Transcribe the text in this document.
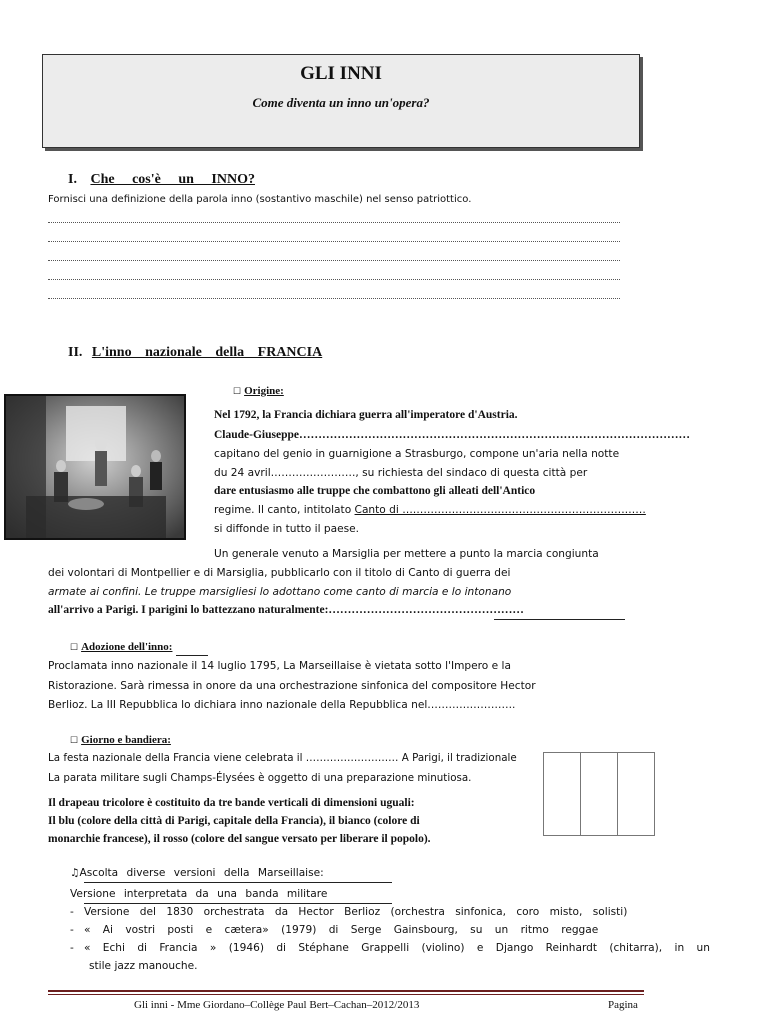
GLI INNI
Come diventa un inno un'opera?
I. Che cos'è un INNO?
Fornisci una definizione della parola inno (sostantivo maschile) nel senso patriottico.
II. L'inno nazionale della FRANCIA
☐ Origine:
Nel 1792, la Francia dichiara guerra all'imperatore d'Austria.
Claude-Giuseppe…………………………………………………………………………………………
capitano del genio in guarnigione a Strasburgo, compone un'aria nella notte
du 24 avril……………………, su richiesta del sindaco di questa città per
dare entusiasmo alle truppe che combattono gli alleati dell'Antico
regime. Il canto, intitolato Canto di ……………………………………………………………
si diffonde in tutto il paese.
Un generale venuto a Marsiglia per mettere a punto la marcia congiunta
dei volontari di Montpellier e di Marsiglia, pubblicarlo con il titolo di Canto di guerra dei
armate ai confini. Le truppe marsigliesi lo adottano come canto di marcia e lo intonano
all'arrivo a Parigi. I parigini lo battezzano naturalmente:……………………………………………
☐ Adozione dell'inno:
Proclamata inno nazionale il 14 luglio 1795, La Marseillaise è vietata sotto l'Impero e la
Ristorazione. Sarà rimessa in onore da una orchestrazione sinfonica del compositore Hector
Berlioz. La III Repubblica lo dichiara inno nazionale della Repubblica nel…………………….
☐ Giorno e bandiera:
La festa nazionale della Francia viene celebrata il ……………………… A Parigi, il tradizionale
La parata militare sugli Champs-Élysées è oggetto di una preparazione minutiosa.
Il drapeau tricolore è costituito da tre bande verticali di dimensioni uguali:
Il blu (colore della città di Parigi, capitale della Francia), il bianco (colore di
monarchie francese), il rosso (colore del sangue versato per liberare il popolo).
♫Ascolta diverse versioni della Marseillaise:
Versione interpretata da una banda militare
-   Versione del 1830 orchestrata da Hector Berlioz (orchestra sinfonica, coro misto, solisti)
-   « Ai vostri posti e cætera» (1979) di Serge Gainsbourg, su un ritmo reggae
-   « Echi di Francia » (1946) di Stéphane Grappelli (violino) e Django Reinhardt (chitarra), in un
stile jazz manouche.
Gli inni - Mme Giordano–Collège Paul Bert–Cachan–2012/2013	Pagina
